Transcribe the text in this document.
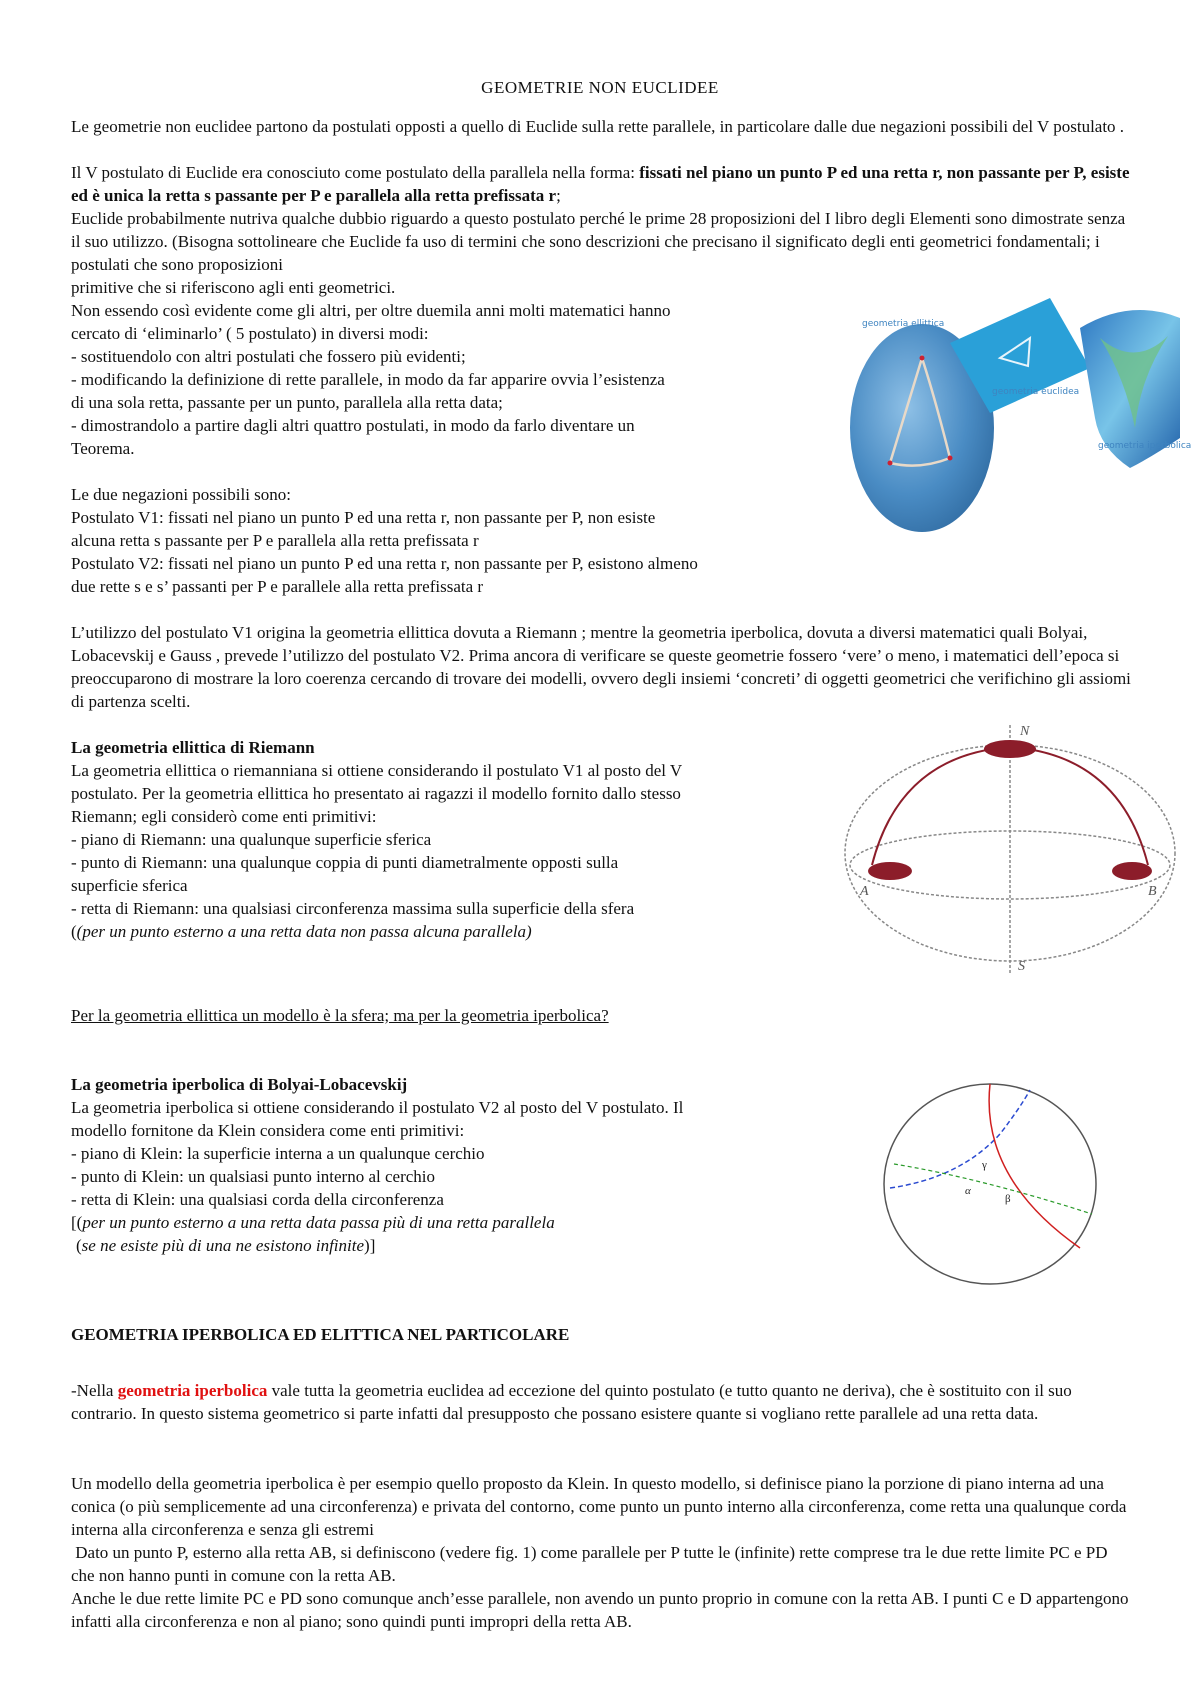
GEOMETRIE NON EUCLIDEE

Le geometrie non euclidee partono da postulati opposti a quello di Euclide sulla rette parallele, in particolare dalle due negazioni possibili del V postulato .

Il V postulato di Euclide era conosciuto come postulato della parallela nella forma: fissati nel piano un punto P ed una retta r, non passante per P, esiste ed è unica la retta s passante per P e parallela alla retta prefissata r;

Euclide probabilmente nutriva qualche dubbio riguardo a questo postulato perché le prime 28 proposizioni del I libro degli Elementi sono dimostrate senza il suo utilizzo. (Bisogna sottolineare che Euclide fa uso di termini che sono descrizioni che precisano il significato degli enti geometrici fondamentali; i postulati che sono proposizioni

primitive che si riferiscono agli enti geometrici.

Non essendo così evidente come gli altri, per oltre duemila anni molti matematici hanno

cercato di ‘eliminarlo’ ( 5 postulato) in diversi modi:

- sostituendolo con altri postulati che fossero più evidenti;

- modificando la definizione di rette parallele, in modo da far apparire ovvia l’esistenza

di una sola retta, passante per un punto, parallela alla retta data;

- dimostrandolo a partire dagli altri quattro postulati, in modo da farlo diventare un

Teorema.

geometria ellittica
geometria euclidea
geometria iperbolica

Le due negazioni possibili sono:

Postulato V1: fissati nel piano un punto P ed una retta r, non passante per P, non esiste

alcuna retta s passante per P e parallela alla retta prefissata r

Postulato V2: fissati nel piano un punto P ed una retta r, non passante per P, esistono almeno

due rette s e s’ passanti per P e parallele alla retta prefissata r

L’utilizzo del postulato V1 origina la geometria ellittica dovuta a Riemann ; mentre la geometria iperbolica, dovuta a diversi matematici quali Bolyai, Lobacevskij e Gauss , prevede l’utilizzo del postulato V2. Prima ancora di verificare se queste geometrie fossero ‘vere’ o meno, i matematici dell’epoca si preoccuparono di mostrare la loro coerenza cercando di trovare dei modelli, ovvero degli insiemi ‘concreti’ di oggetti geometrici che verifichino gli assiomi di partenza scelti.

La geometria ellittica di Riemann

La geometria ellittica o riemanniana si ottiene considerando il postulato V1 al posto del V

postulato. Per la geometria ellittica ho presentato ai ragazzi il modello fornito dallo stesso

Riemann; egli considerò come enti primitivi:

- piano di Riemann: una qualunque superficie sferica

- punto di Riemann: una qualunque coppia di punti diametralmente opposti sulla

superficie sferica

- retta di Riemann: una qualsiasi circonferenza massima sulla superficie della sfera

((per un punto esterno a una retta data non passa alcuna parallela)

N
S
A	B

Per la geometria ellittica un modello è la sfera; ma per la geometria iperbolica?

La geometria iperbolica di Bolyai-Lobacevskij

La geometria iperbolica si ottiene considerando il postulato V2 al posto del V postulato. Il

modello fornitone da Klein considera come enti primitivi:

- piano di Klein: la superficie interna a un qualunque cerchio

- punto di Klein: un qualsiasi punto interno al cerchio

- retta di Klein: una qualsiasi corda della circonferenza

[(per un punto esterno a una retta data passa più di una retta parallela

(se ne esiste più di una ne esistono infinite)]

γ
α
β

GEOMETRIA IPERBOLICA ED ELITTICA NEL PARTICOLARE

-Nella geometria iperbolica vale tutta la geometria euclidea ad eccezione del quinto postulato (e tutto quanto ne deriva), che è sostituito con il suo contrario. In questo sistema geometrico si parte infatti dal presupposto che possano esistere quante si vogliano rette parallele ad una retta data.

Un modello della geometria iperbolica è per esempio quello proposto da Klein. In questo modello, si definisce piano la porzione di piano interna ad una conica (o più semplicemente ad una circonferenza) e privata del contorno, come punto un punto interno alla circonferenza, come retta una qualunque corda interna alla circonferenza e senza gli estremi

Dato un punto P, esterno alla retta AB, si definiscono (vedere fig. 1) come parallele per P tutte le (infinite) rette comprese tra le due rette limite PC e PD che non hanno punti in comune con la retta AB.

Anche le due rette limite PC e PD sono comunque anch’esse parallele, non avendo un punto proprio in comune con la retta AB. I punti C e D appartengono infatti alla circonferenza e non al piano; sono quindi punti impropri della retta AB.
